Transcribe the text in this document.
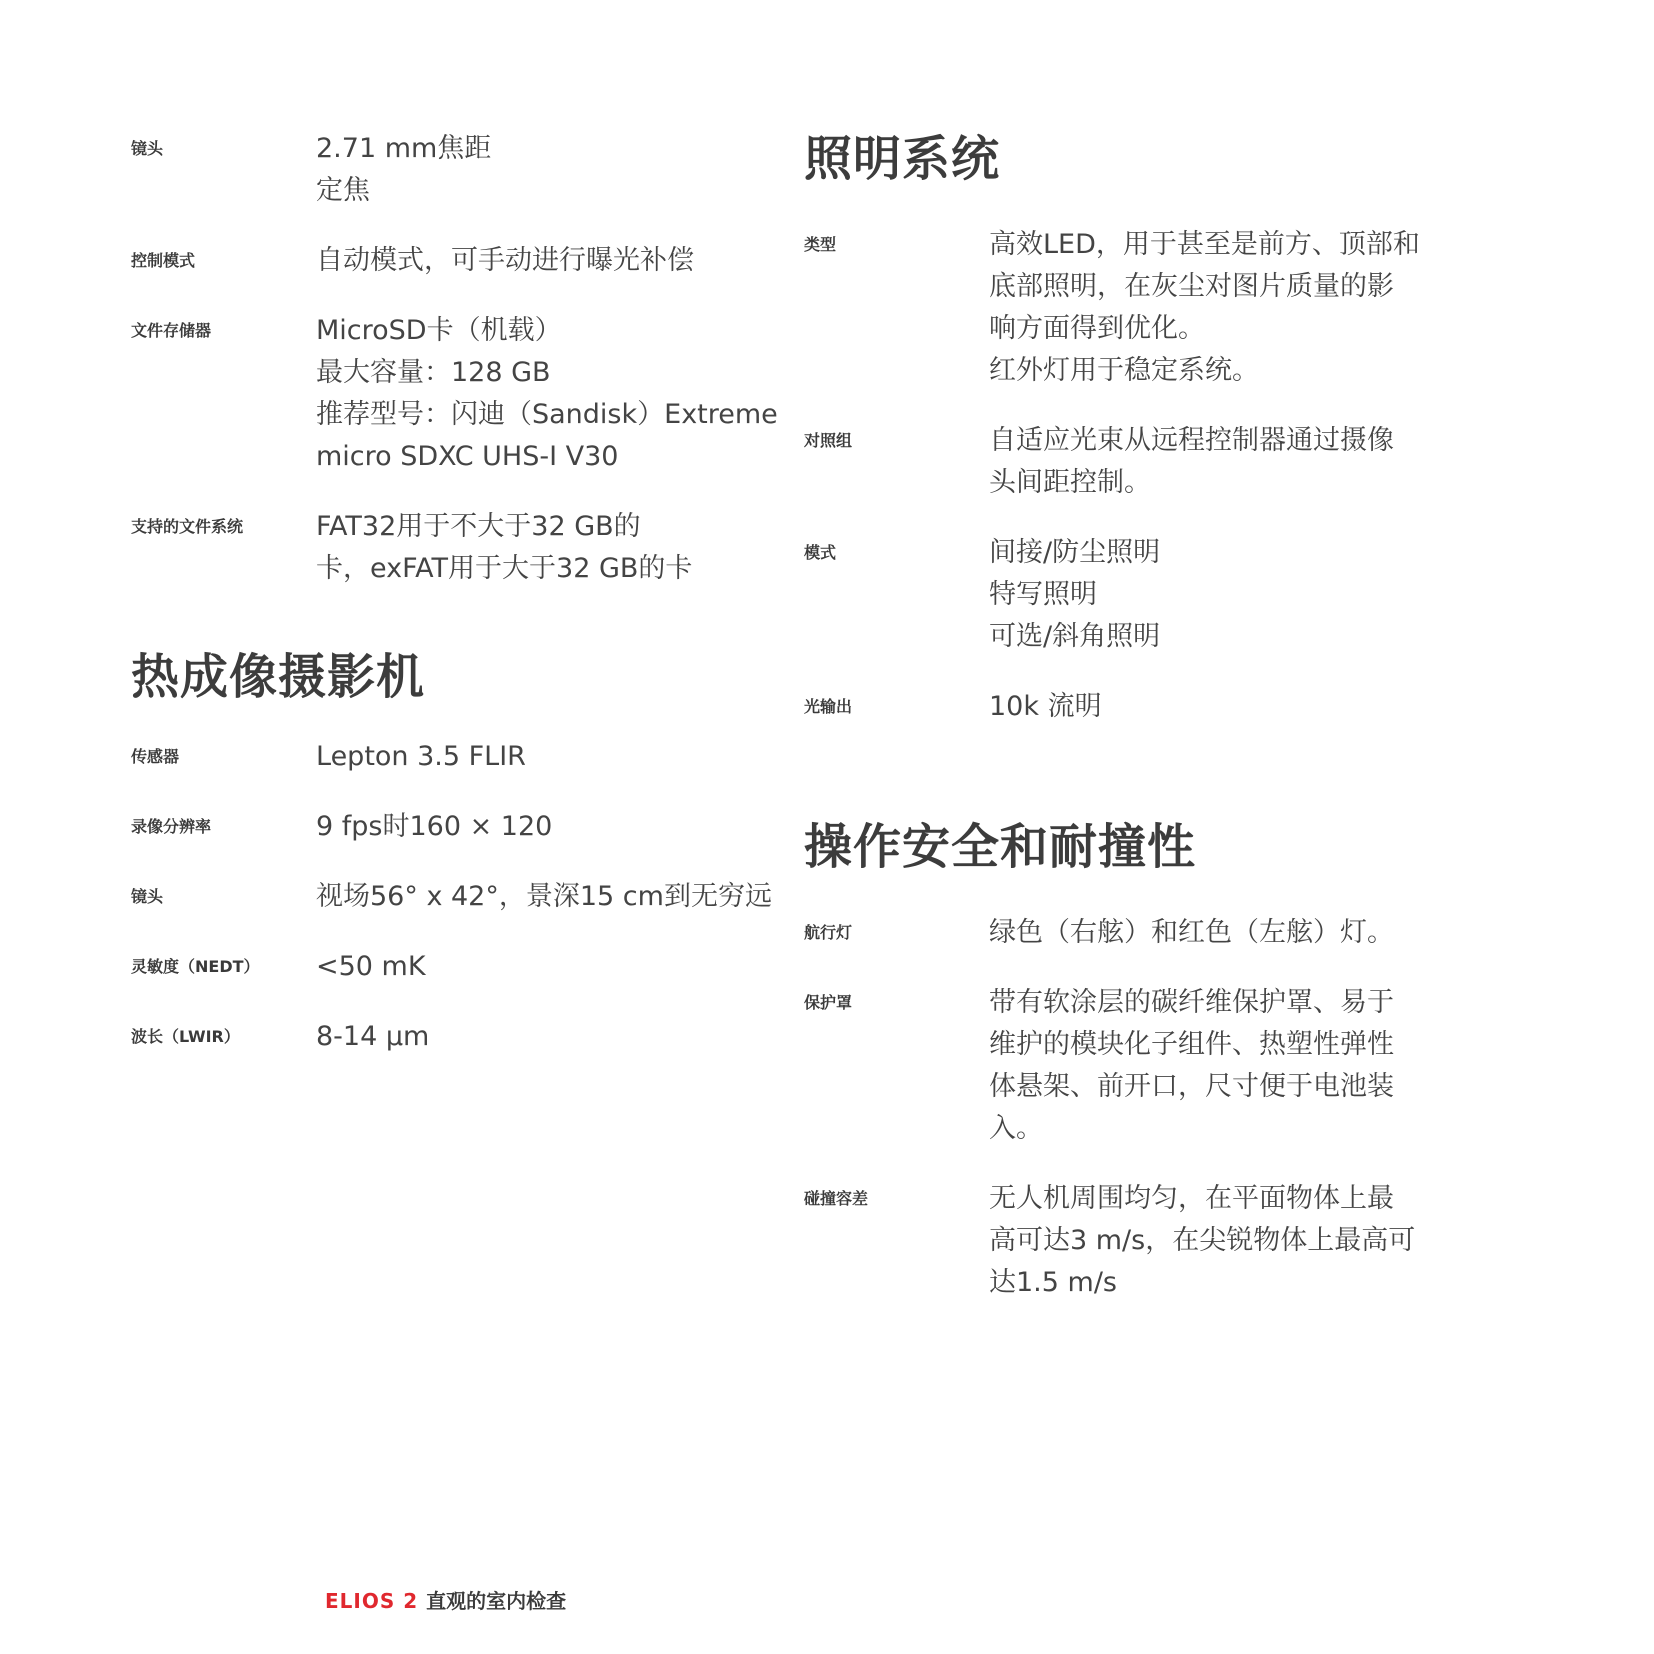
镜头	2.71 mm焦距
定焦
控制模式	自动模式，可手动进行曝光补偿
文件存储器	MicroSD卡（机载）
最大容量：128 GB
推荐型号：闪迪（Sandisk）Extreme
micro SDXC UHS-I V30
支持的文件系统	FAT32用于不大于32 GB的
卡，exFAT用于大于32 GB的卡
热成像摄影机
传感器	Lepton 3.5 FLIR
录像分辨率	9 fps时160 × 120
镜头	视场56° x 42°，景深15 cm到无穷远
灵敏度（NEDT）	<50 mK
波长（LWIR）	8-14 µm
照明系统
类型	高效LED，用于甚至是前方、顶部和
底部照明，在灰尘对图片质量的影
响方面得到优化。
红外灯用于稳定系统。
对照组	自适应光束从远程控制器通过摄像
头间距控制。
模式	间接/防尘照明
特写照明
可选/斜角照明
光输出	10k 流明
操作安全和耐撞性
航行灯	绿色（右舷）和红色（左舷）灯。
保护罩	带有软涂层的碳纤维保护罩、易于
维护的模块化子组件、热塑性弹性
体悬架、前开口，尺寸便于电池装
入。
碰撞容差	无人机周围均匀，在平面物体上最
高可达3 m/s，在尖锐物体上最高可
达1.5 m/s
ELIOS 2 直观的室内检查
